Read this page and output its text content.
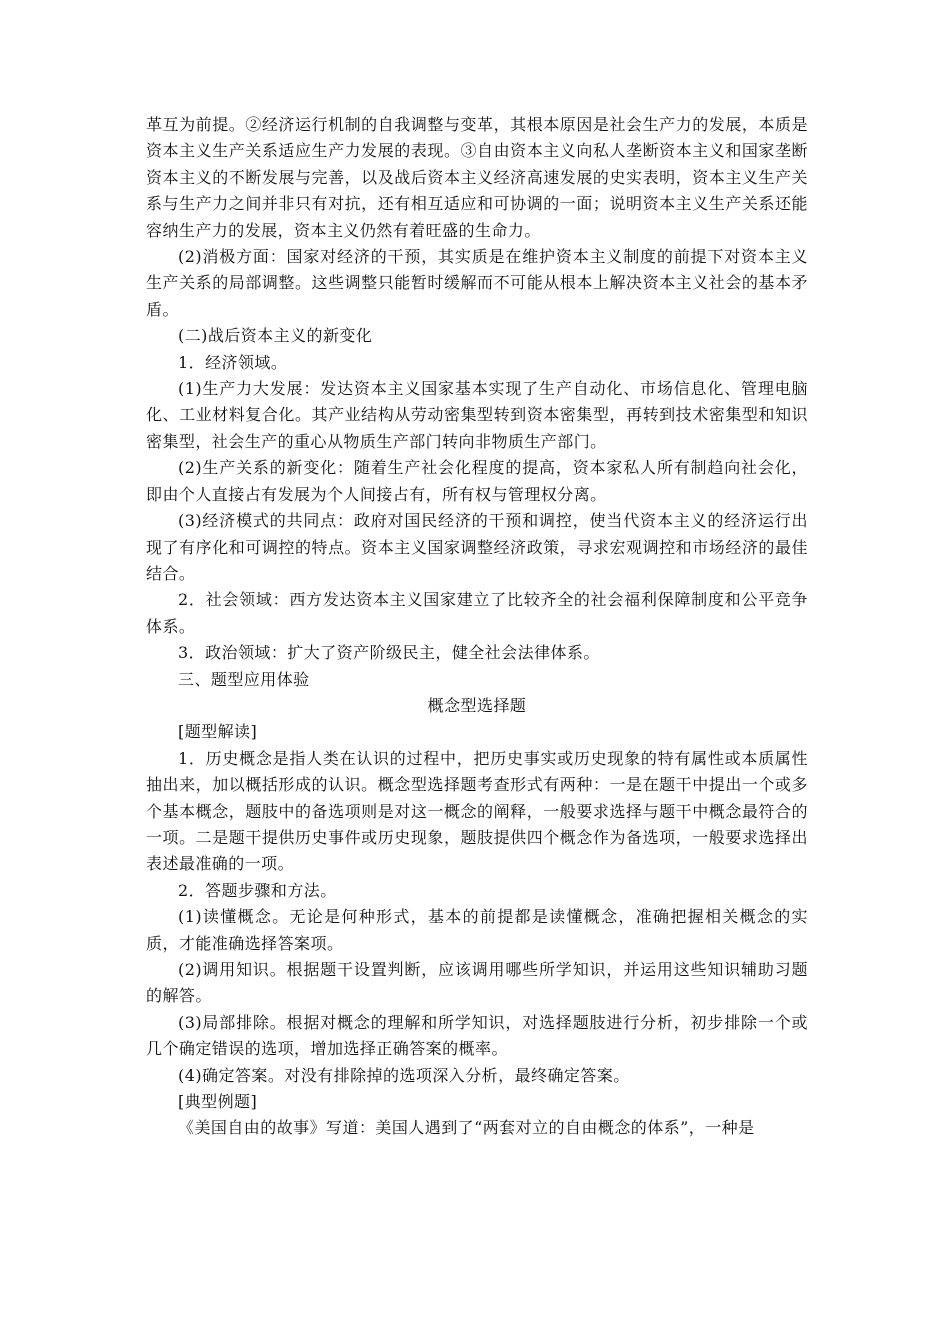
革互为前提。②经济运行机制的自我调整与变革，其根本原因是社会生产力的发展，本质是资本主义生产关系适应生产力发展的表现。③自由资本主义向私人垄断资本主义和国家垄断资本主义的不断发展与完善，以及战后资本主义经济高速发展的史实表明，资本主义生产关系与生产力之间并非只有对抗，还有相互适应和可协调的一面；说明资本主义生产关系还能容纳生产力的发展，资本主义仍然有着旺盛的生命力。

(2)消极方面：国家对经济的干预，其实质是在维护资本主义制度的前提下对资本主义生产关系的局部调整。这些调整只能暂时缓解而不可能从根本上解决资本主义社会的基本矛盾。

(二)战后资本主义的新变化

1．经济领域。

(1)生产力大发展：发达资本主义国家基本实现了生产自动化、市场信息化、管理电脑化、工业材料复合化。其产业结构从劳动密集型转到资本密集型，再转到技术密集型和知识密集型，社会生产的重心从物质生产部门转向非物质生产部门。

(2)生产关系的新变化：随着生产社会化程度的提高，资本家私人所有制趋向社会化，即由个人直接占有发展为个人间接占有，所有权与管理权分离。

(3)经济模式的共同点：政府对国民经济的干预和调控，使当代资本主义的经济运行出现了有序化和可调控的特点。资本主义国家调整经济政策，寻求宏观调控和市场经济的最佳结合。

2．社会领域：西方发达资本主义国家建立了比较齐全的社会福利保障制度和公平竞争体系。

3．政治领域：扩大了资产阶级民主，健全社会法律体系。

三、题型应用体验

概念型选择题

[题型解读]

1．历史概念是指人类在认识的过程中，把历史事实或历史现象的特有属性或本质属性抽出来，加以概括形成的认识。概念型选择题考查形式有两种：一是在题干中提出一个或多个基本概念，题肢中的备选项则是对这一概念的阐释，一般要求选择与题干中概念最符合的一项。二是题干提供历史事件或历史现象，题肢提供四个概念作为备选项，一般要求选择出表述最准确的一项。

2．答题步骤和方法。

(1)读懂概念。无论是何种形式，基本的前提都是读懂概念，准确把握相关概念的实质，才能准确选择答案项。

(2)调用知识。根据题干设置判断，应该调用哪些所学知识，并运用这些知识辅助习题的解答。

(3)局部排除。根据对概念的理解和所学知识，对选择题肢进行分析，初步排除一个或几个确定错误的选项，增加选择正确答案的概率。

(4)确定答案。对没有排除掉的选项深入分析，最终确定答案。

[典型例题]

《美国自由的故事》写道：美国人遇到了“两套对立的自由概念的体系”，一种是
